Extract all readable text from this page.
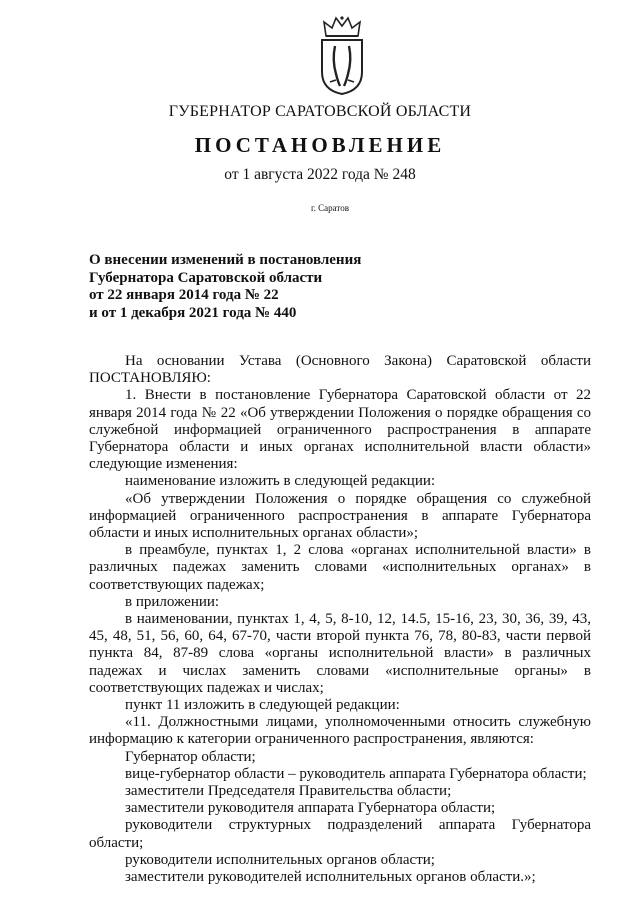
ГУБЕРНАТОР САРАТОВСКОЙ ОБЛАСТИ
ПОСТАНОВЛЕНИЕ
от 1 августа 2022 года № 248
г. Саратов
О внесении изменений в постановления
Губернатора Саратовской области
от 22 января 2014 года № 22
и от 1 декабря 2021 года № 440

На основании Устава (Основного Закона) Саратовской области

ПОСТАНОВЛЯЮ:

1. Внести в постановление Губернатора Саратовской области от 22 января 2014 года № 22 «Об утверждении Положения о порядке обращения со служебной информацией ограниченного распространения в аппарате Губернатора области и иных органах исполнительной власти области» следующие изменения:

наименование изложить в следующей редакции:

«Об утверждении Положения о порядке обращения со служебной информацией ограниченного распространения в аппарате Губернатора области и иных исполнительных органах области»;

в преамбуле, пунктах 1, 2 слова «органах исполнительной власти» в различных падежах заменить словами «исполнительных органах» в соответствующих падежах;

в приложении:

в наименовании, пунктах 1, 4, 5, 8-10, 12, 14.5, 15-16, 23, 30, 36, 39, 43, 45, 48, 51, 56, 60, 64, 67-70, части второй пункта 76, 78, 80-83, части первой пункта 84, 87-89 слова «органы исполнительной власти» в различных падежах и числах заменить словами «исполнительные органы» в соответствующих падежах и числах;

пункт 11 изложить в следующей редакции:

«11. Должностными лицами, уполномоченными относить служебную информацию к категории ограниченного распространения, являются:

Губернатор области;

вице-губернатор области – руководитель аппарата Губернатора области;

заместители Председателя Правительства области;

заместители руководителя аппарата Губернатора области;

руководители структурных подразделений аппарата Губернатора области;

руководители исполнительных органов области;

заместители руководителей исполнительных органов области.»;
